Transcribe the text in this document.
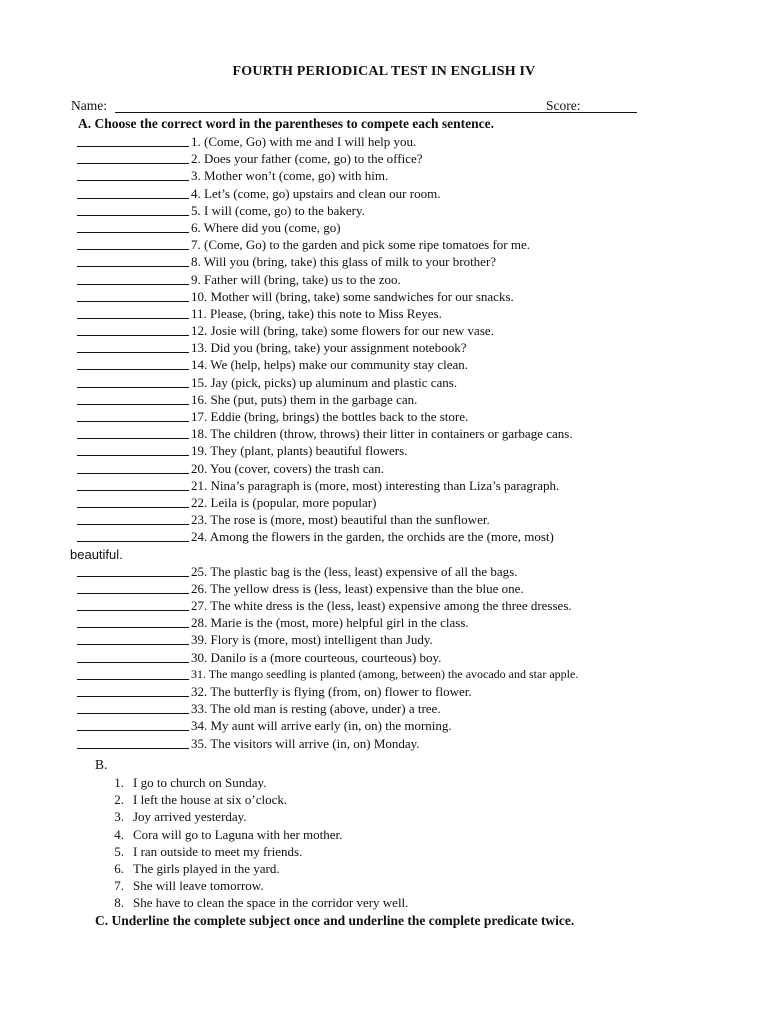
FOURTH PERIODICAL TEST IN ENGLISH IV
Name:	Score:
A. Choose the correct word in the parentheses to compete each sentence.
1. (Come, Go) with me and I will help you.
2. Does your father (come, go) to the office?
3. Mother won’t (come, go) with him.
4. Let’s (come, go) upstairs and clean our room.
5. I will (come, go) to the bakery.
6. Where did you (come, go)
7. (Come, Go) to the garden and pick some ripe tomatoes for me.
8. Will you (bring, take) this glass of milk to your brother?
9. Father will (bring, take) us to the zoo.
10. Mother will (bring, take) some sandwiches for our snacks.
11. Please, (bring, take) this note to Miss Reyes.
12. Josie will (bring, take) some flowers for our new vase.
13. Did you (bring, take) your assignment notebook?
14. We (help, helps) make our community stay clean.
15. Jay (pick, picks) up aluminum and plastic cans.
16. She (put, puts) them in the garbage can.
17. Eddie (bring, brings) the bottles back to the store.
18. The children (throw, throws) their litter in containers or garbage cans.
19. They (plant, plants) beautiful flowers.
20. You (cover, covers) the trash can.
21. Nina’s paragraph is (more, most) interesting than Liza’s paragraph.
22. Leila is (popular, more popular)
23. The rose is (more, most) beautiful than the sunflower.
24. Among the flowers in the garden, the orchids are the (more, most)
beautiful.
25. The plastic bag is the (less, least) expensive of all the bags.
26. The yellow dress is (less, least) expensive than the blue one.
27. The white dress is the (less, least) expensive among the three dresses.
28. Marie is the (most, more) helpful girl in the class.
39. Flory is (more, most) intelligent than Judy.
30. Danilo is a (more courteous, courteous) boy.
31. The mango seedling is planted (among, between) the avocado and star apple.
32. The butterfly is flying (from, on) flower to flower.
33. The old man is resting (above, under) a tree.
34. My aunt will arrive early (in, on) the morning.
35. The visitors will arrive (in, on) Monday.
B.
1. I go to church on Sunday.
2. I left the house at six o’clock.
3. Joy arrived yesterday.
4. Cora will go to Laguna with her mother.
5. I ran outside to meet my friends.
6. The girls played in the yard.
7. She will leave tomorrow.
8. She have to clean the space in the corridor very well.
C. Underline the complete subject once and underline the complete predicate twice.
